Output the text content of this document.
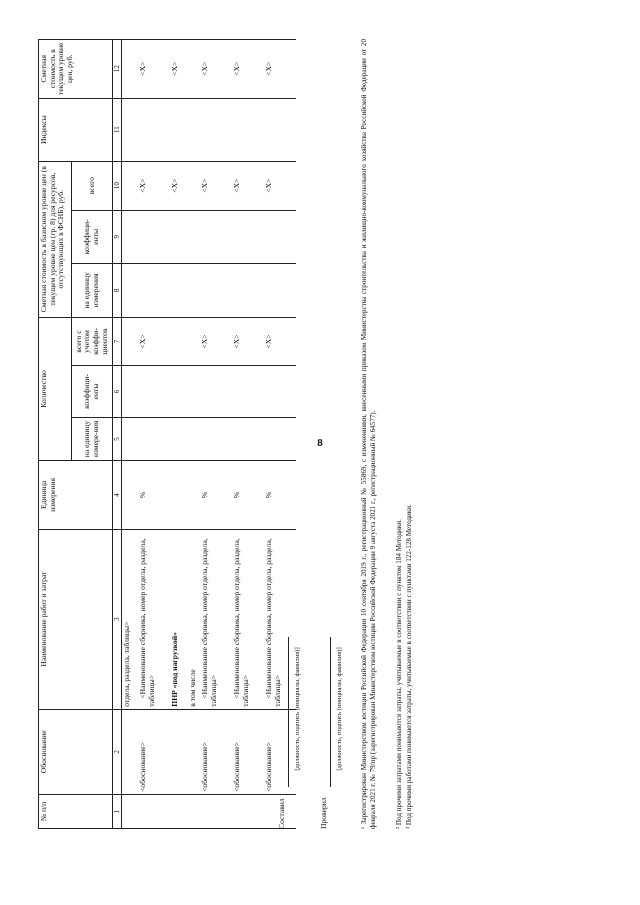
8
№ п/п	Обоснование	Наименование работ и затрат	Единица измерения	Количество			Сметная стоимость в базисном уровне цен (в текущем уровне цен (гр. 8) для ресурсов, отсутствующих в ФСНБ), руб.			Индексы	Сметная стоимость в текущем уровне цен, руб.
				на единицу измере-ния	коэффици-енты	всего с учетом коэффи-циентов	на единицу измерения	коэффици-енты	всего		
1	2	3	4	5	6	7	8	9	10	11	12
		отдела, раздела, таблицы>									
	<обоснование>	<Наименование сборника, номер отдела, раздела, таблицы>	%			<X>			<X>		<X>
		ПНР «под нагрузкой»							<X>		<X>
		в том числе									
	<обоснование>	<Наименование сборника, номер отдела, раздела, таблицы>	%			<X>			<X>		<X>
	<обоснование>	<Наименование сборника, номер отдела, раздела, таблицы>	%			<X>			<X>		<X>
	<обоснование>	<Наименование сборника, номер отдела, раздела, таблицы>	%			<X>			<X>		<X>
Составил
[должность, подпись (инициалы, фамилия)]
Проверил
[должность, подпись (инициалы, фамилия)] ¹ Зарегистрирован Министерством юстиции Российской Федерации 10 сентября 2019 г., регистрационный № 55869, с изменениями, внесенными приказом Министерства строительства и жилищно-коммунального хозяйства Российской Федерации от 20 февраля 2021 г. № 79/пр (зарегистрирован Министерством юстиции Российской Федерации 9 августа 2021 г., регистрационный № 64577).	² Под прочими затратами понимаются затраты, учитываемые в соответствии с пунктом 184 Методики. ³ Под прочими работами понимаются затраты, учитываемые в соответствии с пунктами 122-128 Методики.
